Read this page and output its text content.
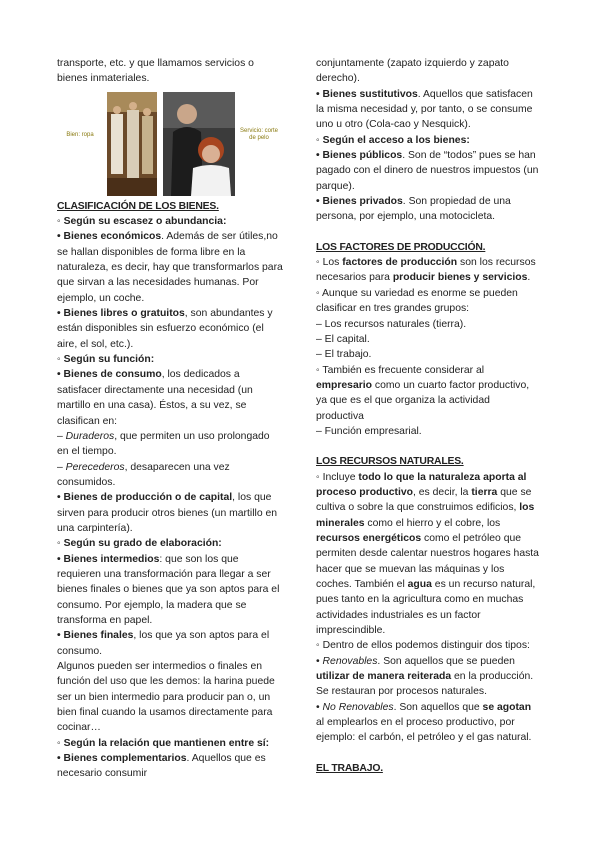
transporte, etc. y que llamamos servicios o bienes inmateriales.

Bien: ropa
Servicio: corte de pelo

CLASIFICACIÓN DE LOS BIENES.

◦ Según su escasez o abundancia:

• Bienes económicos. Además de ser útiles,no se hallan disponibles de forma libre en la naturaleza, es decir, hay que transformarlos para que sirvan a las necesidades humanas. Por ejemplo, un coche.

• Bienes libres o gratuitos, son abundantes y están disponibles sin esfuerzo económico (el aire, el sol, etc.).

◦ Según su función:

• Bienes de consumo, los dedicados a satisfacer directamente una necesidad (un martillo en una casa). Éstos, a su vez, se clasifican en:

– Duraderos, que permiten un uso prolongado en el tiempo.

– Perecederos, desaparecen una vez consumidos.

• Bienes de producción o de capital, los que sirven para producir otros bienes (un martillo en una carpintería).

◦ Según su grado de elaboración:

• Bienes intermedios: que son los que requieren una transformación para llegar a ser bienes finales o bienes que ya son aptos para el consumo. Por ejemplo, la madera que se transforma en papel.

• Bienes finales, los que ya son aptos para el consumo.

Algunos pueden ser intermedios o finales en función del uso que les demos: la harina puede ser un bien intermedio para producir pan o, un bien final cuando la usamos directamente para cocinar…

◦ Según la relación que mantienen entre sí:

• Bienes complementarios. Aquellos que es necesario consumir

conjuntamente (zapato izquierdo y zapato derecho).

• Bienes sustitutivos. Aquellos que satisfacen la misma necesidad y, por tanto, o se consume uno u otro (Cola-cao y Nesquick).

◦ Según el acceso a los bienes:

• Bienes públicos. Son de “todos” pues se han pagado con el dinero de nuestros impuestos (un parque).

• Bienes privados. Son propiedad de una persona, por ejemplo, una motocicleta.

LOS FACTORES DE PRODUCCIÓN.

◦ Los factores de producción son los recursos necesarios para producir bienes y servicios.

◦ Aunque su variedad es enorme se pueden clasificar en tres grandes grupos:

– Los recursos naturales (tierra).

– El capital.

– El trabajo.

◦ También es frecuente considerar al empresario como un cuarto factor productivo, ya que es el que organiza la actividad productiva

– Función empresarial.

LOS RECURSOS NATURALES.

◦ Incluye todo lo que la naturaleza aporta al proceso productivo, es decir, la tierra que se cultiva o sobre la que construimos edificios, los minerales como el hierro y el cobre, los recursos energéticos como el petróleo que permiten desde calentar nuestros hogares hasta hacer que se muevan las máquinas y los coches. También el agua es un recurso natural, pues tanto en la agricultura como en muchas actividades industriales es un factor imprescindible.

◦ Dentro de ellos podemos distinguir dos tipos:

• Renovables. Son aquellos que se pueden utilizar de manera reiterada en la producción. Se restauran por procesos naturales.

• No Renovables. Son aquellos que se agotan al emplearlos en el proceso productivo, por ejemplo: el carbón, el petróleo y el gas natural.

EL TRABAJO.
